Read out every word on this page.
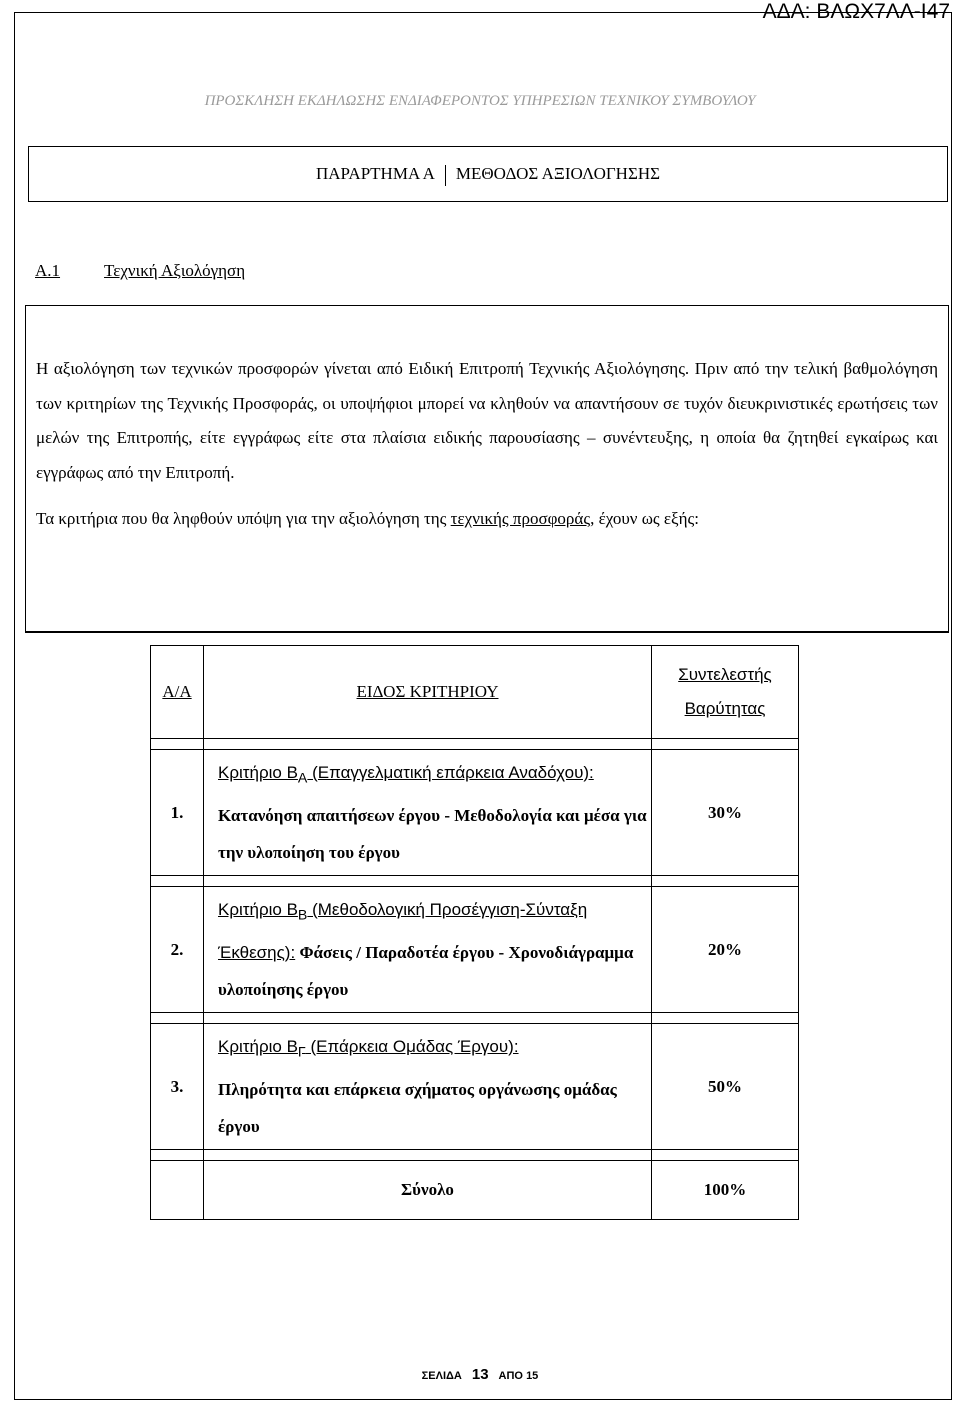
ΑΔΑ: ΒΛΩΧ7ΛΛ-Ι47
ΠΡΟΣΚΛΗΣΗ ΕΚΔΗΛΩΣΗΣ ΕΝΔΙΑΦΕΡΟΝΤΟΣ ΥΠΗΡΕΣΙΩΝ ΤΕΧΝΙΚΟΥ ΣΥΜΒΟΥΛΟΥ
ΠΑΡΑΡΤΗΜΑ Α ΜΕΘΟΔΟΣ ΑΞΙΟΛΟΓΗΣΗΣ
Α.1	Τεχνική Αξιολόγηση

Η αξιολόγηση των τεχνικών προσφορών γίνεται από Ειδική Επιτροπή Τεχνικής Αξιολόγησης. Πριν από την τελική βαθμολόγηση των κριτηρίων της Τεχνικής Προσφοράς, οι υποψήφιοι μπορεί να κληθούν να απαντήσουν σε τυχόν διευκρινιστικές ερωτήσεις των μελών της Επιτροπής, είτε εγγράφως είτε στα πλαίσια ειδικής παρουσίασης – συνέντευξης, η οποία θα ζητηθεί εγκαίρως και εγγράφως από την Επιτροπή.

Τα κριτήρια που θα ληφθούν υπόψη για την αξιολόγηση της τεχνικής προσφοράς, έχουν ως εξής:

Α/Α	ΕΙΔΟΣ ΚΡΙΤΗΡΙΟΥ	Συντελεστής
Βαρύτητας

1.	Κριτήριο $B_A$ (Επαγγελματική επάρκεια Αναδόχου):
Κατανόηση απαιτήσεων έργου - Μεθοδολογία και μέσα για την υλοποίηση του έργου	30%

2.	Κριτήριο $B_B$ (Μεθοδολογική Προσέγγιση-Σύνταξη Έκθεσης): Φάσεις / Παραδοτέα έργου - Χρονοδιάγραμμα υλοποίησης έργου	20%

3.	Κριτήριο $B_\Gamma$ (Επάρκεια Ομάδας Έργου):
Πληρότητα και επάρκεια σχήματος οργάνωσης ομάδας έργου	50%

	Σύνολο	100%
ΣΕΛΙΔΑ 13 ΑΠΟ 15
